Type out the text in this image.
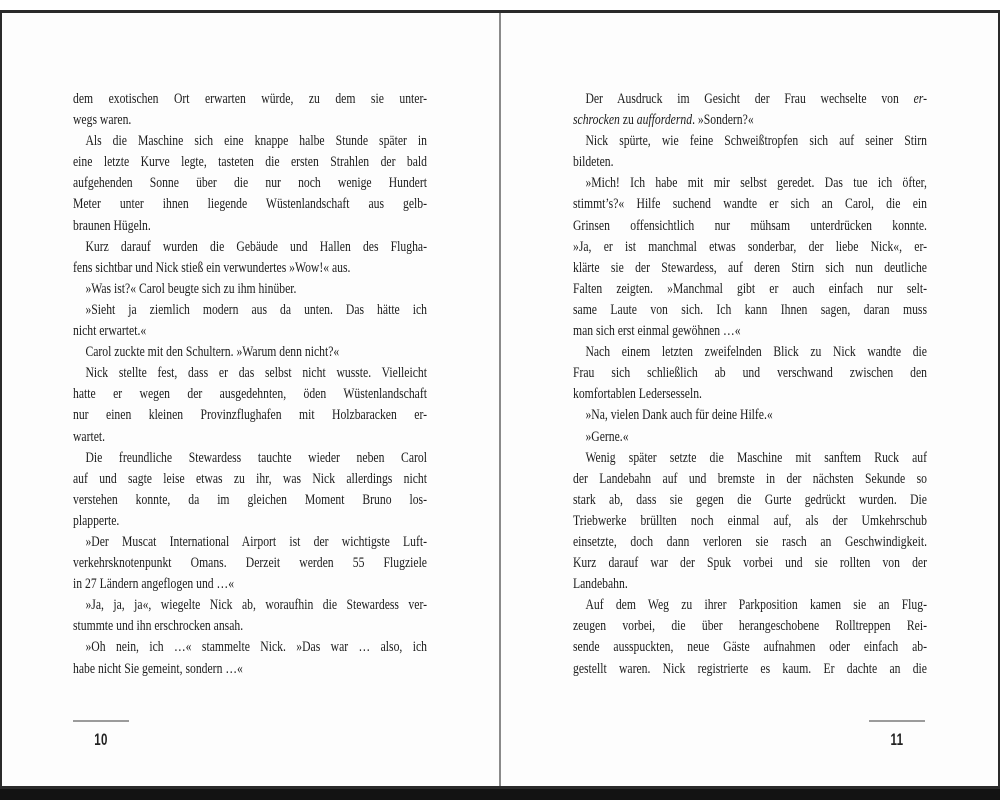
dem exotischen Ort erwarten würde, zu dem sie unter-
wegs waren.
Als die Maschine sich eine knappe halbe Stunde später in
eine letzte Kurve legte, tasteten die ersten Strahlen der bald
aufgehenden Sonne über die nur noch wenige Hundert
Meter unter ihnen liegende Wüstenlandschaft aus gelb-
braunen Hügeln.
Kurz darauf wurden die Gebäude und Hallen des Flugha-
fens sichtbar und Nick stieß ein verwundertes »Wow!« aus.
»Was ist?« Carol beugte sich zu ihm hinüber.
»Sieht ja ziemlich modern aus da unten. Das hätte ich
nicht erwartet.«
Carol zuckte mit den Schultern. »Warum denn nicht?«
Nick stellte fest, dass er das selbst nicht wusste. Vielleicht
hatte er wegen der ausgedehnten, öden Wüstenlandschaft
nur einen kleinen Provinzflughafen mit Holzbaracken er-
wartet.
Die freundliche Stewardess tauchte wieder neben Carol
auf und sagte leise etwas zu ihr, was Nick allerdings nicht
verstehen konnte, da im gleichen Moment Bruno los-
plapperte.
»Der Muscat International Airport ist der wichtigste Luft-
verkehrsknotenpunkt Omans. Derzeit werden 55 Flugziele
in 27 Ländern angeflogen und …«
»Ja, ja, ja«, wiegelte Nick ab, woraufhin die Stewardess ver-
stummte und ihn erschrocken ansah.
»Oh nein, ich …« stammelte Nick. »Das war … also, ich
habe nicht Sie gemeint, sondern …«
10
Der Ausdruck im Gesicht der Frau wechselte von er-
schrocken zu auffordernd. »Sondern?«
Nick spürte, wie feine Schweißtropfen sich auf seiner Stirn
bildeten.
»Mich! Ich habe mit mir selbst geredet. Das tue ich öfter,
stimmt’s?« Hilfe suchend wandte er sich an Carol, die ein
Grinsen offensichtlich nur mühsam unterdrücken konnte.
»Ja, er ist manchmal etwas sonderbar, der liebe Nick«, er-
klärte sie der Stewardess, auf deren Stirn sich nun deutliche
Falten zeigten. »Manchmal gibt er auch einfach nur selt-
same Laute von sich. Ich kann Ihnen sagen, daran muss
man sich erst einmal gewöhnen …«
Nach einem letzten zweifelnden Blick zu Nick wandte die
Frau sich schließlich ab und verschwand zwischen den
komfortablen Ledersesseln.
»Na, vielen Dank auch für deine Hilfe.«
»Gerne.«
Wenig später setzte die Maschine mit sanftem Ruck auf
der Landebahn auf und bremste in der nächsten Sekunde so
stark ab, dass sie gegen die Gurte gedrückt wurden. Die
Triebwerke brüllten noch einmal auf, als der Umkehrschub
einsetzte, doch dann verloren sie rasch an Geschwindigkeit.
Kurz darauf war der Spuk vorbei und sie rollten von der
Landebahn.
Auf dem Weg zu ihrer Parkposition kamen sie an Flug-
zeugen vorbei, die über herangeschobene Rolltreppen Rei-
sende ausspuckten, neue Gäste aufnahmen oder einfach ab-
gestellt waren. Nick registrierte es kaum. Er dachte an die
11
